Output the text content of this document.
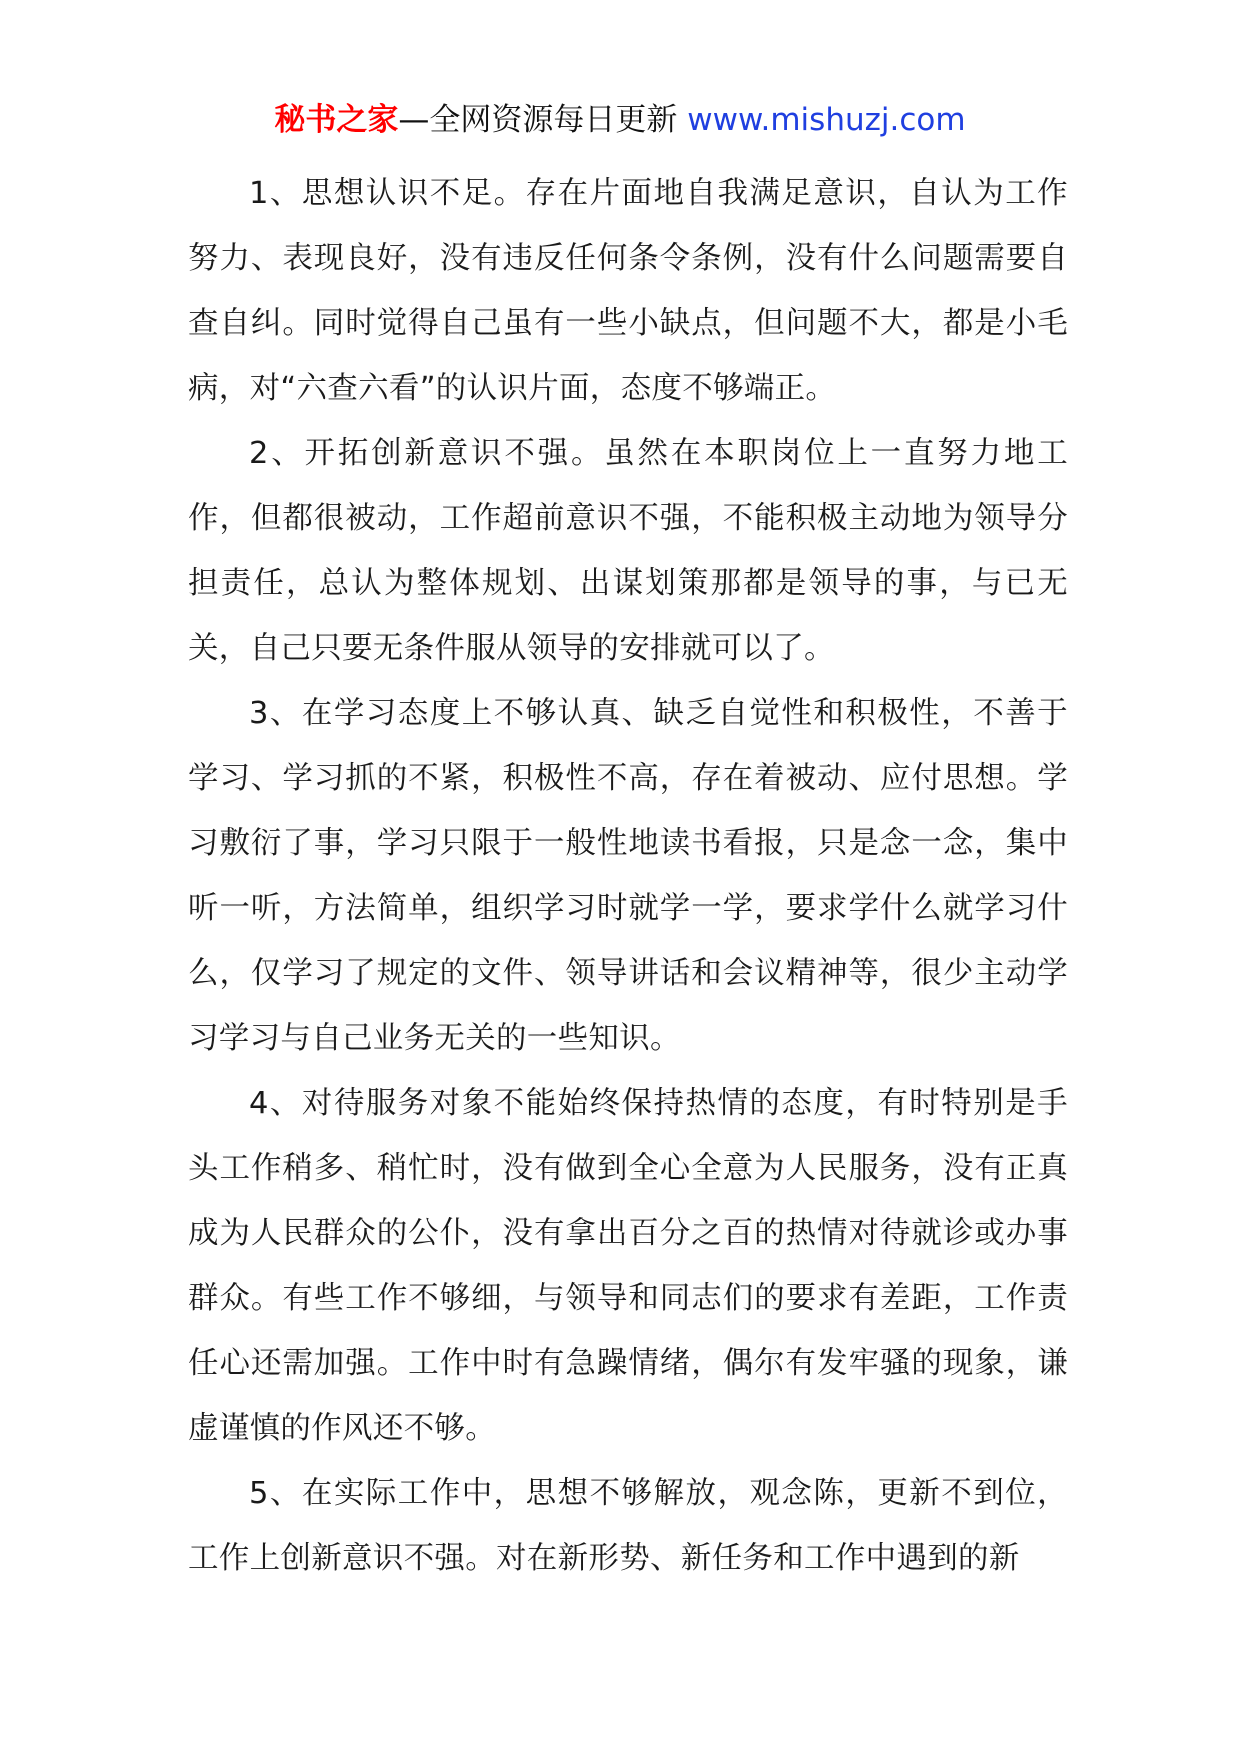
秘书之家—全网资源每日更新 www.mishuzj.com

1、思想认识不足。存在片面地自我满足意识，自认为工作努力、表现良好，没有违反任何条令条例，没有什么问题需要自查自纠。同时觉得自己虽有一些小缺点，但问题不大，都是小毛病，对“六查六看”的认识片面，态度不够端正。

2、开拓创新意识不强。虽然在本职岗位上一直努力地工作，但都很被动，工作超前意识不强，不能积极主动地为领导分担责任，总认为整体规划、出谋划策那都是领导的事，与已无关，自己只要无条件服从领导的安排就可以了。

3、在学习态度上不够认真、缺乏自觉性和积极性，不善于学习、学习抓的不紧，积极性不高，存在着被动、应付思想。学习敷衍了事，学习只限于一般性地读书看报，只是念一念，集中听一听，方法简单，组织学习时就学一学，要求学什么就学习什么，仅学习了规定的文件、领导讲话和会议精神等，很少主动学习学习与自己业务无关的一些知识。

4、对待服务对象不能始终保持热情的态度，有时特别是手头工作稍多、稍忙时，没有做到全心全意为人民服务，没有正真成为人民群众的公仆，没有拿出百分之百的热情对待就诊或办事群众。有些工作不够细，与领导和同志们的要求有差距，工作责任心还需加强。工作中时有急躁情绪，偶尔有发牢骚的现象，谦虚谨慎的作风还不够。

5、在实际工作中，思想不够解放，观念陈，更新不到位，工作上创新意识不强。对在新形势、新任务和工作中遇到的新
